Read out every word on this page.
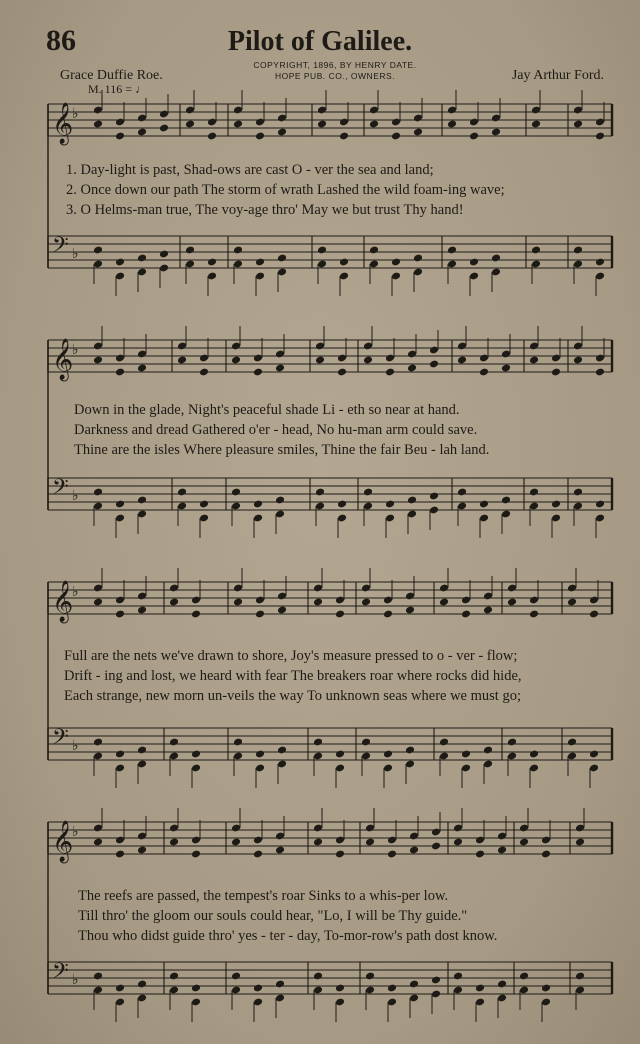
86	Pilot of Galilee.
COPYRIGHT, 1896, BY HENRY DATE.
HOPE PUB. CO., OWNERS.
Grace Duffie Roe.	Jay Arthur Ford.
M. 116 = ♩
𝄞
♭
𝄢 ♭
𝄞
♭
𝄢 ♭
𝄞
♭
𝄢 ♭
𝄞
♭
𝄢 ♭
1. Day-light is past, Shad-ows are cast O - ver the sea and land;
2. Once down our path The storm of wrath Lashed the wild foam-ing wave;
3. O Helms-man true, The voy-age thro' May we but trust Thy hand!
Down in the glade, Night's peaceful shade Li - eth so near at hand.
Darkness and dread Gathered o'er - head, No hu-man arm could save.
Thine are the isles Where pleasure smiles, Thine the fair Beu - lah land.
Full are the nets we've drawn to shore, Joy's measure pressed to o - ver - flow;
Drift - ing and lost, we heard with fear The breakers roar where rocks did hide,
Each strange, new morn un-veils the way To unknown seas where we must go;
The reefs are passed, the tempest's roar Sinks to a whis-per low.
Till thro' the gloom our souls could hear, "Lo, I will be Thy guide."
Thou who didst guide thro' yes - ter - day, To-mor-row's path dost know.
